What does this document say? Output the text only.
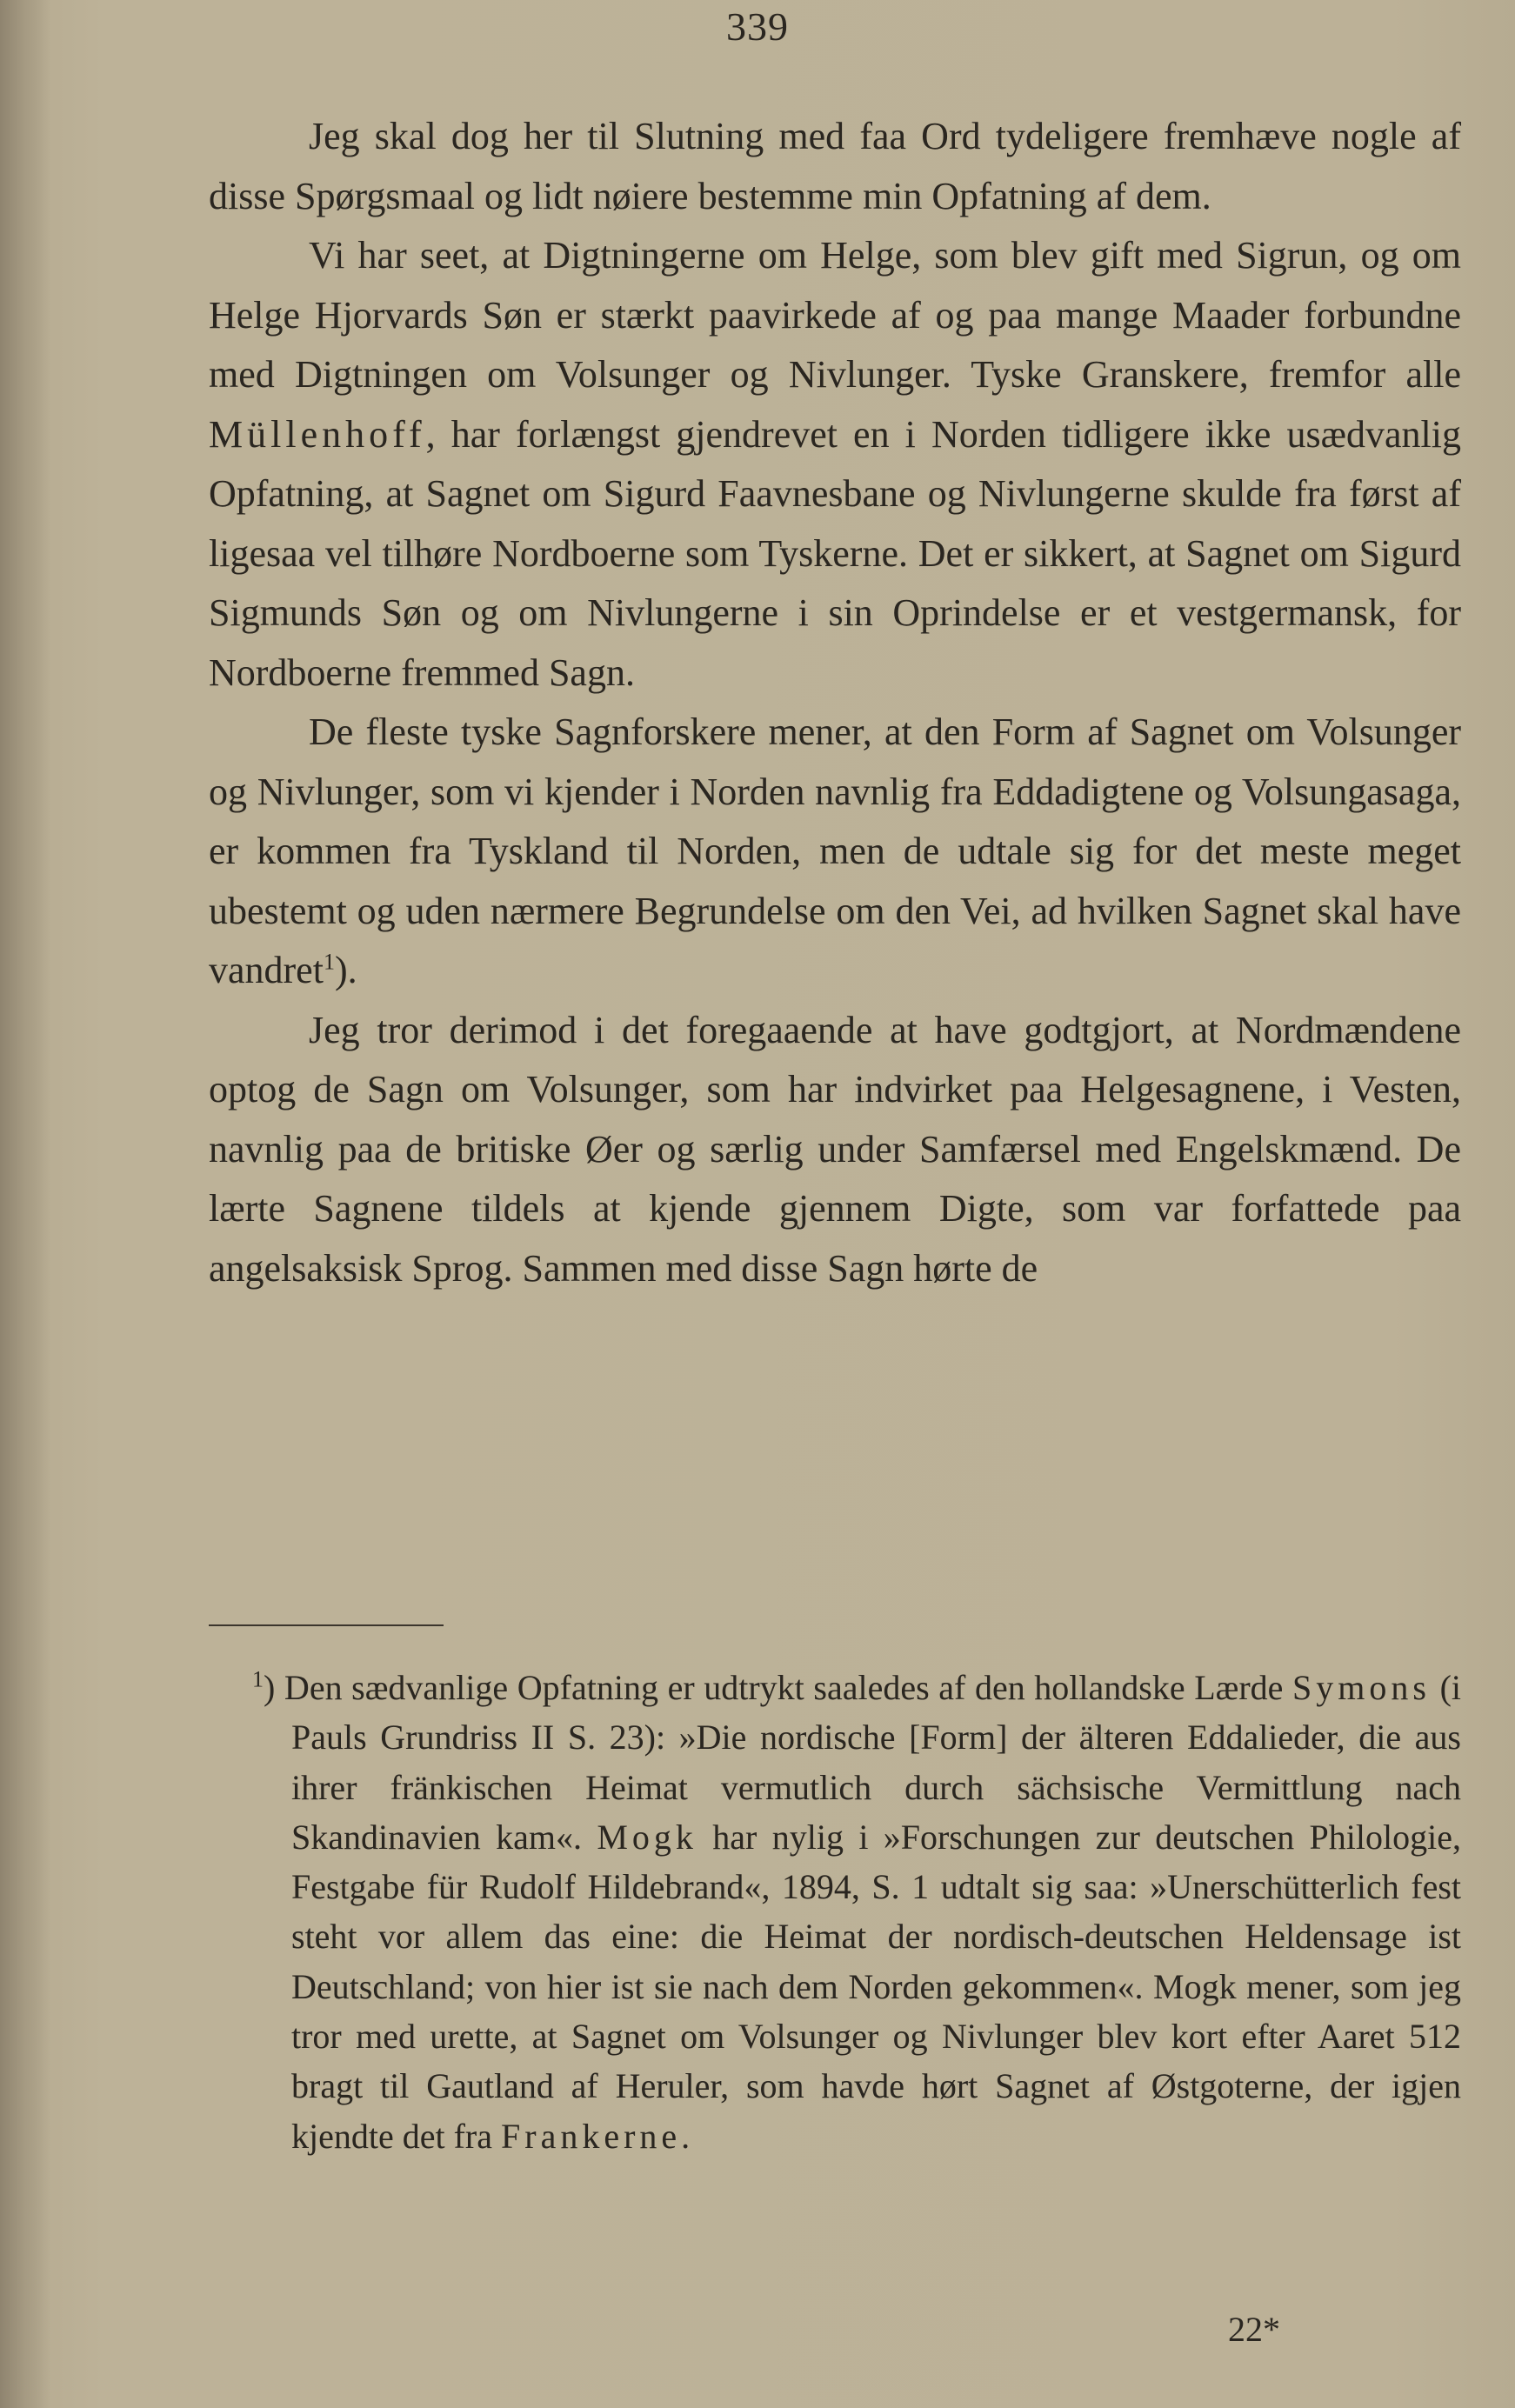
339

Jeg skal dog her til Slutning med faa Ord tydeligere fremhæve nogle af disse Spørgsmaal og lidt nøiere bestemme min Opfatning af dem.

Vi har seet, at Digtningerne om Helge, som blev gift med Sigrun, og om Helge Hjorvards Søn er stærkt paavirkede af og paa mange Maader forbundne med Digtningen om Volsunger og Nivlunger. Tyske Granskere, fremfor alle Müllenhoff, har forlængst gjendrevet en i Norden tidligere ikke usædvanlig Opfatning, at Sagnet om Sigurd Faavnesbane og Nivlungerne skulde fra først af ligesaa vel tilhøre Nordboerne som Tyskerne. Det er sikkert, at Sagnet om Sigurd Sigmunds Søn og om Nivlungerne i sin Oprindelse er et vestgermansk, for Nordboerne fremmed Sagn.

De fleste tyske Sagnforskere mener, at den Form af Sagnet om Volsunger og Nivlunger, som vi kjender i Norden navnlig fra Eddadigtene og Volsungasaga, er kommen fra Tyskland til Norden, men de udtale sig for det meste meget ubestemt og uden nærmere Begrundelse om den Vei, ad hvilken Sagnet skal have vandret$^1$).

Jeg tror derimod i det foregaaende at have godtgjort, at Nordmændene optog de Sagn om Volsunger, som har indvirket paa Helgesagnene, i Vesten, navnlig paa de britiske Øer og særlig under Samfærsel med Engelskmænd. De lærte Sagnene tildels at kjende gjennem Digte, som var forfattede paa angelsaksisk Sprog. Sammen med disse Sagn hørte de

$^1$) Den sædvanlige Opfatning er udtrykt saaledes af den hollandske Lærde Symons (i Pauls Grundriss II S. 23): »Die nordische [Form] der älteren Eddalieder, die aus ihrer fränkischen Heimat vermutlich durch sächsische Vermittlung nach Skandinavien kam«. Mogk har nylig i »Forschungen zur deutschen Philologie, Festgabe für Rudolf Hildebrand«, 1894, S. 1 udtalt sig saa: »Unerschütterlich fest steht vor allem das eine: die Heimat der nordisch-deutschen Heldensage ist Deutschland; von hier ist sie nach dem Norden gekommen«. Mogk mener, som jeg tror med urette, at Sagnet om Volsunger og Nivlunger blev kort efter Aaret 512 bragt til Gautland af Heruler, som havde hørt Sagnet af Østgoterne, der igjen kjendte det fra Frankerne.

22*
